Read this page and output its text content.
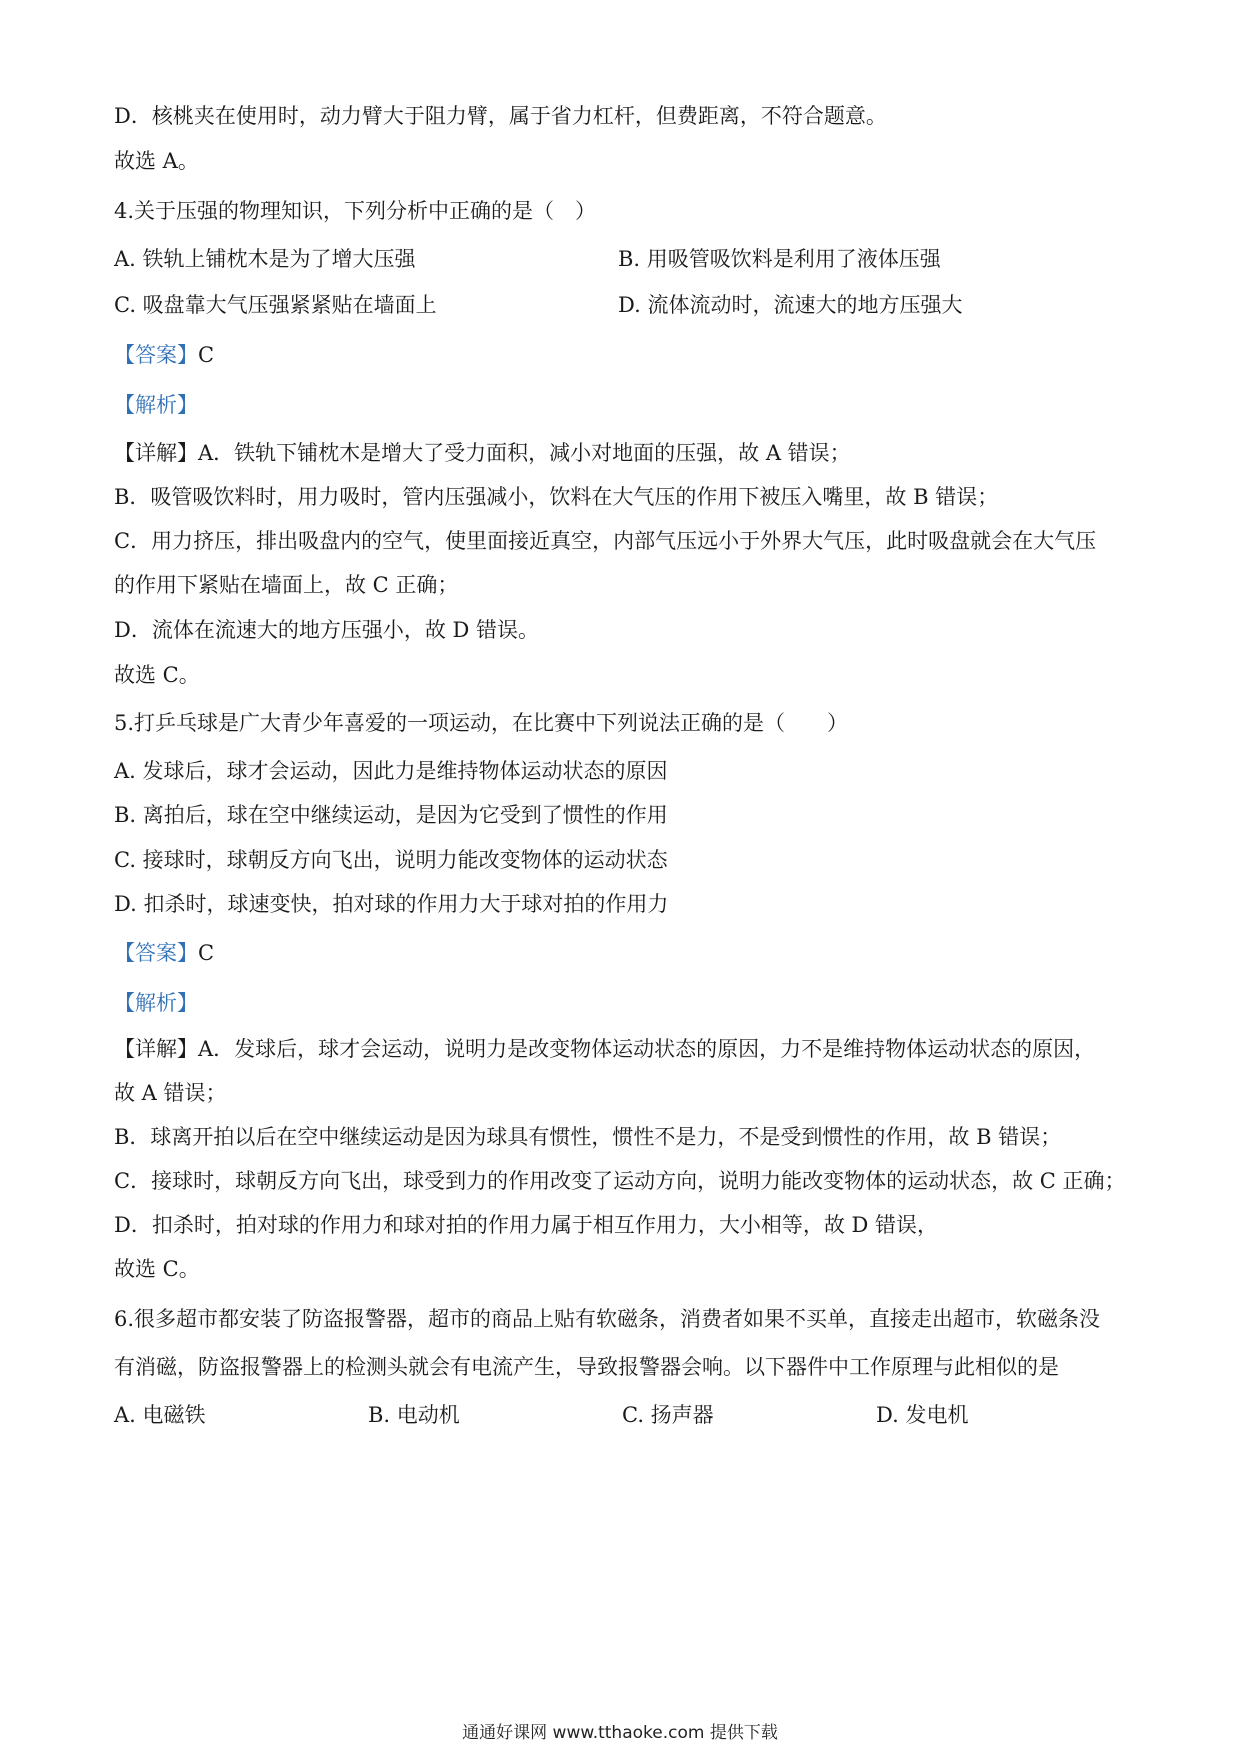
D．核桃夹在使用时，动力臂大于阻力臂，属于省力杠杆，但费距离，不符合题意。
故选 A。
4.关于压强的物理知识，下列分析中正确的是（　）
A. 铁轨上铺枕木是为了增大压强	B. 用吸管吸饮料是利用了液体压强
C. 吸盘靠大气压强紧紧贴在墙面上	D. 流体流动时，流速大的地方压强大
【答案】C
【解析】
【详解】A．铁轨下铺枕木是增大了受力面积，减小对地面的压强，故 A 错误；
B．吸管吸饮料时，用力吸时，管内压强减小，饮料在大气压的作用下被压入嘴里，故 B 错误；
C．用力挤压，排出吸盘内的空气，使里面接近真空，内部气压远小于外界大气压，此时吸盘就会在大气压
的作用下紧贴在墙面上，故 C 正确；
D．流体在流速大的地方压强小，故 D 错误。
故选 C。
5.打乒乓球是广大青少年喜爱的一项运动，在比赛中下列说法正确的是（　　）
A. 发球后，球才会运动，因此力是维持物体运动状态的原因
B. 离拍后，球在空中继续运动，是因为它受到了惯性的作用
C. 接球时，球朝反方向飞出，说明力能改变物体的运动状态
D. 扣杀时，球速变快，拍对球的作用力大于球对拍的作用力
【答案】C
【解析】
【详解】A．发球后，球才会运动，说明力是改变物体运动状态的原因，力不是维持物体运动状态的原因，
故 A 错误；
B．球离开拍以后在空中继续运动是因为球具有惯性，惯性不是力，不是受到惯性的作用，故 B 错误；
C．接球时，球朝反方向飞出，球受到力的作用改变了运动方向，说明力能改变物体的运动状态，故 C 正确；
D．扣杀时，拍对球的作用力和球对拍的作用力属于相互作用力，大小相等，故 D 错误，
故选 C。
6.很多超市都安装了防盗报警器，超市的商品上贴有软磁条，消费者如果不买单，直接走出超市，软磁条没
有消磁，防盗报警器上的检测头就会有电流产生，导致报警器会响。以下器件中工作原理与此相似的是
A. 电磁铁	B. 电动机	C. 扬声器	D. 发电机
通通好课网 www.tthaoke.com 提供下载
